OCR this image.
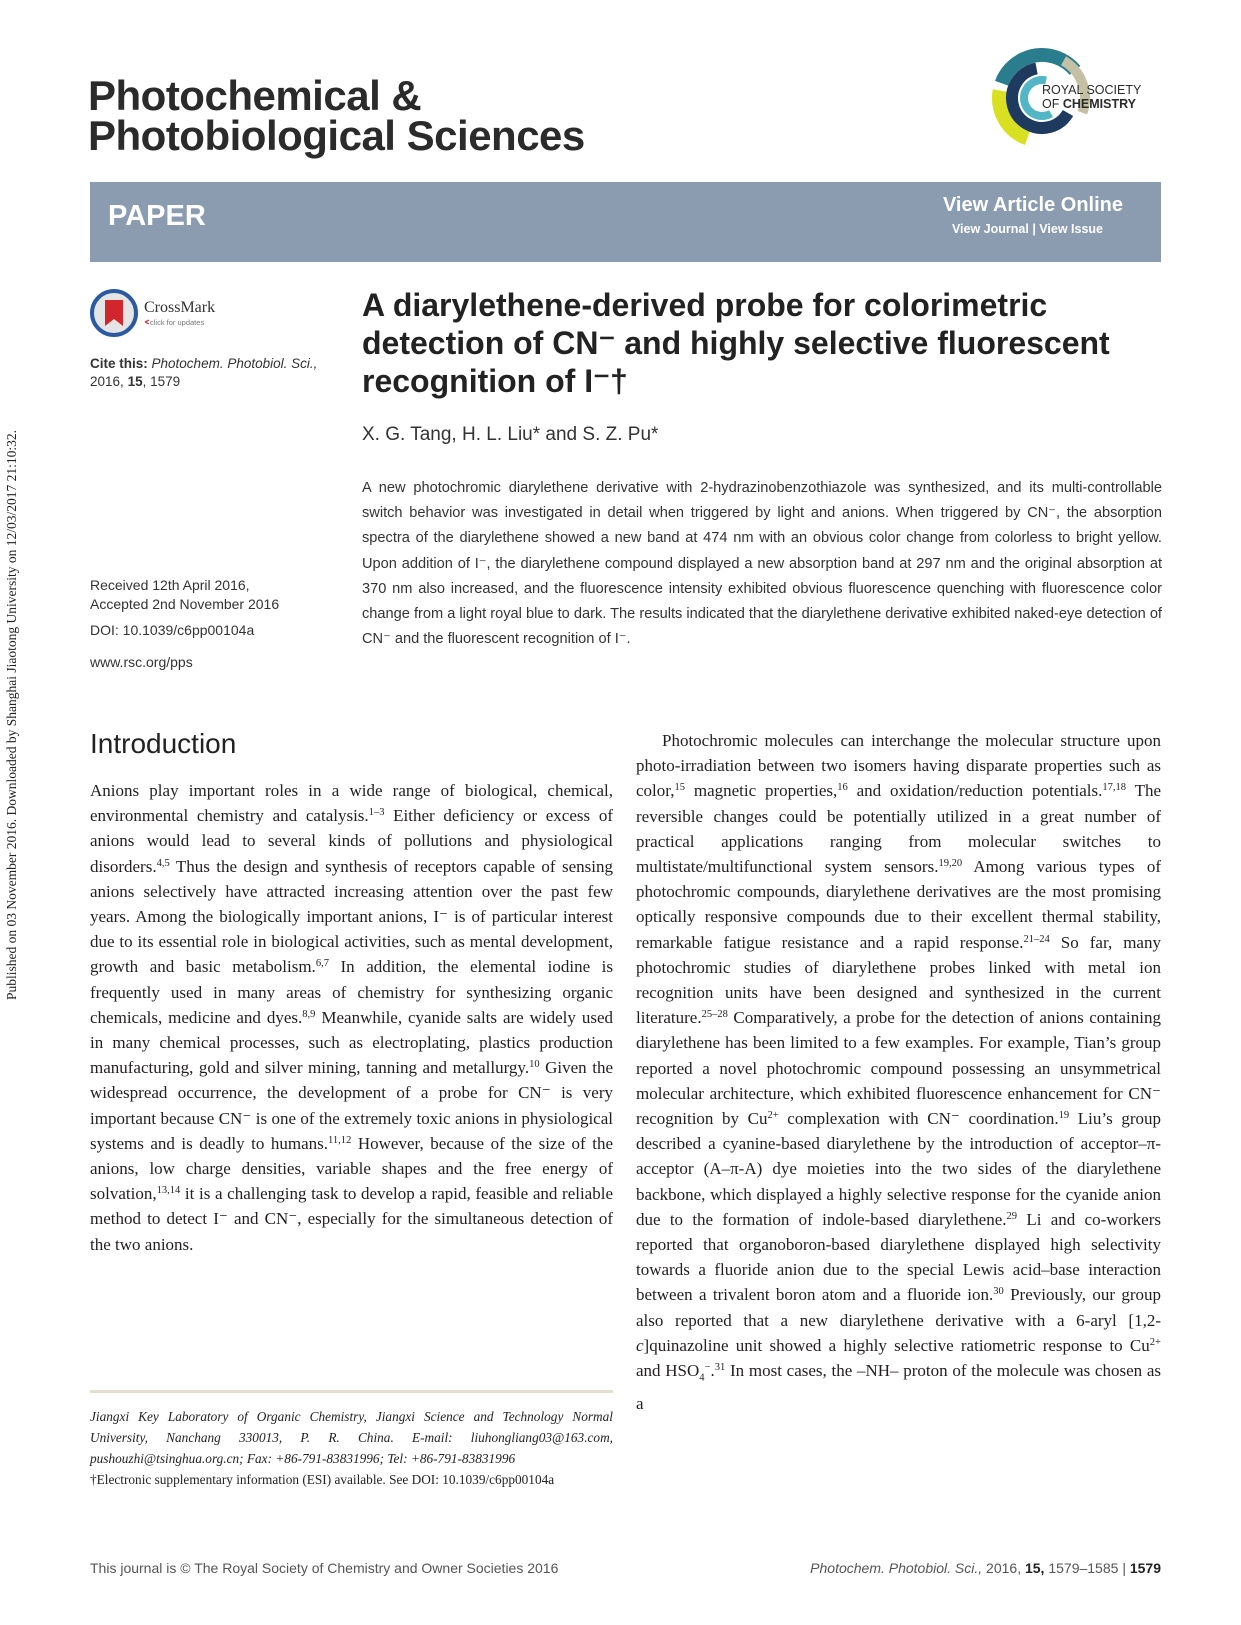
Published on 03 November 2016. Downloaded by Shanghai Jiaotong University on 12/03/2017 21:10:32.
Photochemical &
Photobiological Sciences
ROYAL SOCIETY
OF CHEMISTRY
PAPER	View Article Online
View Journal | View Issue
CrossMark
click for updates
Cite this: Photochem. Photobiol. Sci.,
2016, 15, 1579
Received 12th April 2016,
Accepted 2nd November 2016
DOI: 10.1039/c6pp00104a
www.rsc.org/pps
A diarylethene-derived probe for colorimetric detection of CN⁻ and highly selective fluorescent recognition of I⁻†
X. G. Tang, H. L. Liu* and S. Z. Pu*
A new photochromic diarylethene derivative with 2-hydrazinobenzothiazole was synthesized, and its multi-controllable switch behavior was investigated in detail when triggered by light and anions. When triggered by CN⁻, the absorption spectra of the diarylethene showed a new band at 474 nm with an obvious color change from colorless to bright yellow. Upon addition of I⁻, the diarylethene compound displayed a new absorption band at 297 nm and the original absorption at 370 nm also increased, and the fluorescence intensity exhibited obvious fluorescence quenching with fluorescence color change from a light royal blue to dark. The results indicated that the diarylethene derivative exhibited naked-eye detection of CN⁻ and the fluorescent recognition of I⁻.
Introduction
Anions play important roles in a wide range of biological, chemical, environmental chemistry and catalysis.$^{1-3}$ Either deficiency or excess of anions would lead to several kinds of pollutions and physiological disorders.$^{4,5}$ Thus the design and synthesis of receptors capable of sensing anions selectively have attracted increasing attention over the past few years. Among the biologically important anions, I⁻ is of particular interest due to its essential role in biological activities, such as mental development, growth and basic metabolism.$^{6,7}$ In addition, the elemental iodine is frequently used in many areas of chemistry for synthesizing organic chemicals, medicine and dyes.$^{8,9}$ Meanwhile, cyanide salts are widely used in many chemical processes, such as electroplating, plastics production manufacturing, gold and silver mining, tanning and metallurgy.$^{10}$ Given the widespread occurrence, the development of a probe for CN⁻ is very important because CN⁻ is one of the extremely toxic anions in physiological systems and is deadly to humans.$^{11,12}$ However, because of the size of the anions, low charge densities, variable shapes and the free energy of solvation,$^{13,14}$ it is a challenging task to develop a rapid, feasible and reliable method to detect I⁻ and CN⁻, especially for the simultaneous detection of the two anions.
Photochromic molecules can interchange the molecular structure upon photo-irradiation between two isomers having disparate properties such as color,$^{15}$ magnetic properties,$^{16}$ and oxidation/reduction potentials.$^{17,18}$ The reversible changes could be potentially utilized in a great number of practical applications ranging from molecular switches to multistate/multifunctional system sensors.$^{19,20}$ Among various types of photochromic compounds, diarylethene derivatives are the most promising optically responsive compounds due to their excellent thermal stability, remarkable fatigue resistance and a rapid response.$^{21-24}$ So far, many photochromic studies of diarylethene probes linked with metal ion recognition units have been designed and synthesized in the current literature.$^{25-28}$ Comparatively, a probe for the detection of anions containing diarylethene has been limited to a few examples. For example, Tian’s group reported a novel photochromic compound possessing an unsymmetrical molecular architecture, which exhibited fluorescence enhancement for CN⁻ recognition by $Cu^{2+}$ complexation with CN⁻ coordination.$^{19}$ Liu’s group described a cyanine-based diarylethene by the introduction of acceptor–π-acceptor (A–π-A) dye moieties into the two sides of the diarylethene backbone, which displayed a highly selective response for the cyanide anion due to the formation of indole-based diarylethene.$^{29}$ Li and co-workers reported that organoboron-based diarylethene displayed high selectivity towards a fluoride anion due to the special Lewis acid–base interaction between a trivalent boron atom and a fluoride ion.$^{30}$ Previously, our group also reported that a new diarylethene derivative with a 6-aryl [1,2-c]quinazoline unit showed a highly selective ratiometric response to $Cu^{2+}$ and $HSO_4^-.^{31}$ In most cases, the –NH– proton of the molecule was chosen as a
Jiangxi Key Laboratory of Organic Chemistry, Jiangxi Science and Technology Normal University, Nanchang 330013, P. R. China. E-mail: liuhongliang03@163.com, pushouzhi@tsinghua.org.cn; Fax: +86-791-83831996; Tel: +86-791-83831996
†Electronic supplementary information (ESI) available. See DOI: 10.1039/c6pp00104a
This journal is © The Royal Society of Chemistry and Owner Societies 2016	Photochem. Photobiol. Sci., 2016, 15, 1579–1585 | 1579
